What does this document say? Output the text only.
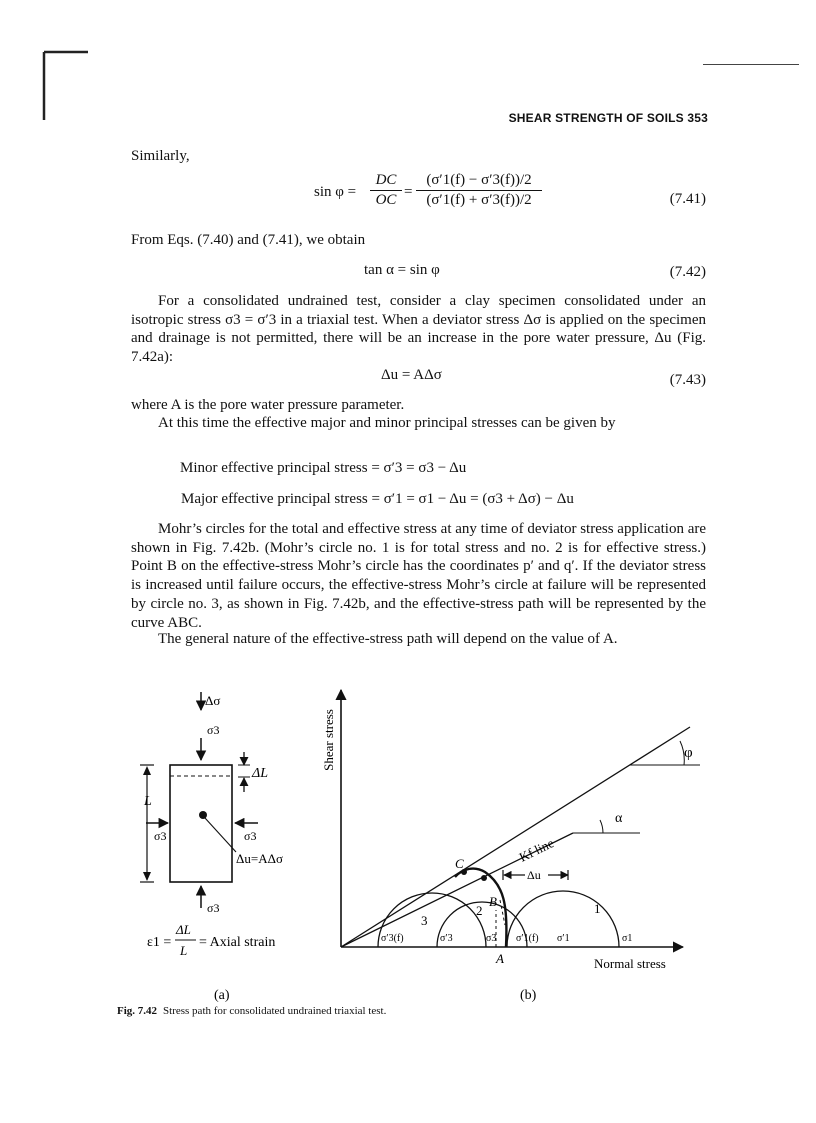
SHEAR STRENGTH OF SOILS 353
Similarly,
sin φ =
DC
OC =
(σ′1(f) − σ′3(f))/2
(σ′1(f) + σ′3(f))/2	(7.41)
From Eqs. (7.40) and (7.41), we obtain
tan α = sin φ	(7.42)
For a consolidated undrained test, consider a clay specimen consolidated under an isotropic stress σ3 = σ′3 in a triaxial test. When a deviator stress Δσ is applied on the specimen and drainage is not permitted, there will be an increase in the pore water pressure, Δu (Fig. 7.42a):
Δu = AΔσ	(7.43)
where A is the pore water pressure parameter.
At this time the effective major and minor principal stresses can be given by
Minor effective principal stress = σ′3 = σ3 − Δu
Major effective principal stress = σ′1 = σ1 − Δu = (σ3 + Δσ) − Δu
Mohr’s circles for the total and effective stress at any time of deviator stress application are shown in Fig. 7.42b. (Mohr’s circle no. 1 is for total stress and no. 2 is for effective stress.) Point B on the effective-stress Mohr’s circle has the coordinates p′ and q′. If the deviator stress is increased until failure occurs, the effective-stress Mohr’s circle at failure will be represented by circle no. 3, as shown in Fig. 7.42b, and the effective-stress path will be represented by the curve ABC.
The general nature of the effective-stress path will depend on the value of A.
Δσ
σ3
ΔL
L
σ3	σ3
Δu=AΔσ
σ3
ε1 =
ΔL
L
= Axial strain
(a)
Shear stress
Normal stress
Kf line
φ
α
Δu
C
B
A
1
2
3
σ′3(f)	σ′3	σ3 σ′1(f) σ′1	σ1
(b)
Fig. 7.42 Stress path for consolidated undrained triaxial test.
